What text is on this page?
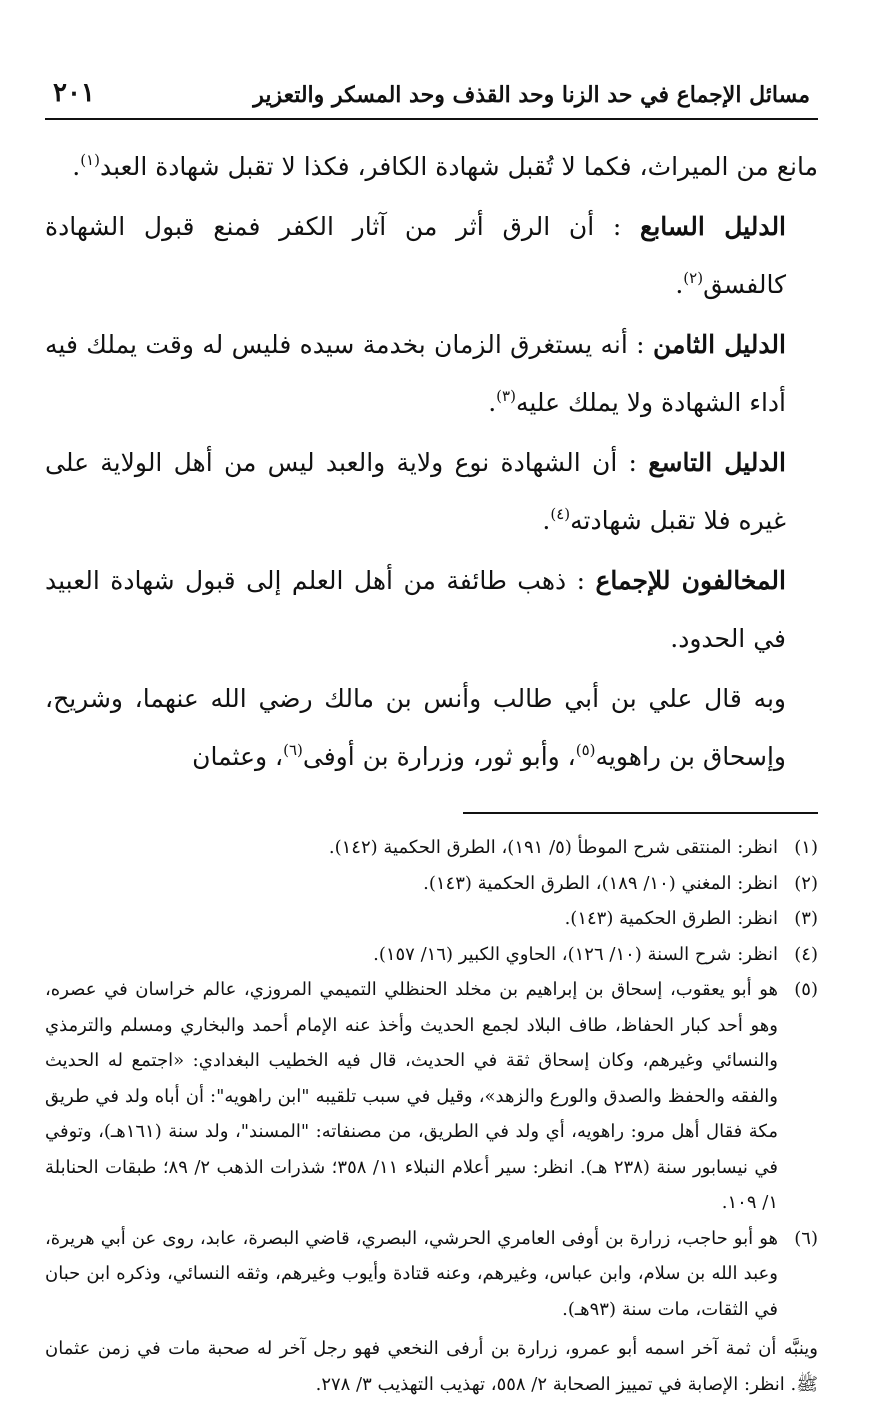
مسائل الإجماع في حد الزنا وحد القذف وحد المسكر والتعزير
٢٠١

مانع من الميراث، فكما لا تُقبل شهادة الكافر، فكذا لا تقبل شهادة العبد$^{(١)}$.

الدليل السابع : أن الرق أثر من آثار الكفر فمنع قبول الشهادة كالفسق$^{(٢)}$.

الدليل الثامن : أنه يستغرق الزمان بخدمة سيده فليس له وقت يملك فيه أداء الشهادة ولا يملك عليه$^{(٣)}$.

الدليل التاسع : أن الشهادة نوع ولاية والعبد ليس من أهل الولاية على غيره فلا تقبل شهادته$^{(٤)}$.

المخالفون للإجماع : ذهب طائفة من أهل العلم إلى قبول شهادة العبيد في الحدود.

وبه قال علي بن أبي طالب وأنس بن مالك رضي الله عنهما، وشريح، وإسحاق بن راهويه$^{(٥)}$، وأبو ثور، وزرارة بن أوفى$^{(٦)}$، وعثمان

(١)
انظر: المنتقى شرح الموطأ (٥/ ١٩١)، الطرق الحكمية (١٤٢).
(٢)
انظر: المغني (١٠/ ١٨٩)، الطرق الحكمية (١٤٣).
(٣)
انظر: الطرق الحكمية (١٤٣).
(٤)
انظر: شرح السنة (١٠/ ١٢٦)، الحاوي الكبير (١٦/ ١٥٧).
(٥)
هو أبو يعقوب، إسحاق بن إبراهيم بن مخلد الحنظلي التميمي المروزي، عالم خراسان في عصره، وهو أحد كبار الحفاظ، طاف البلاد لجمع الحديث وأخذ عنه الإمام أحمد والبخاري ومسلم والترمذي والنسائي وغيرهم، وكان إسحاق ثقة في الحديث، قال فيه الخطيب البغدادي: «اجتمع له الحديث والفقه والحفظ والصدق والورع والزهد»، وقيل في سبب تلقيبه "ابن راهويه": أن أباه ولد في طريق مكة فقال أهل مرو: راهويه، أي ولد في الطريق، من مصنفاته: "المسند"، ولد سنة (١٦١هـ)، وتوفي في نيسابور سنة (٢٣٨ هـ). انظر: سير أعلام النبلاء ١١/ ٣٥٨؛ شذرات الذهب ٢/ ٨٩؛ طبقات الحنابلة ١/ ١٠٩.
(٦)
هو أبو حاجب، زرارة بن أوفى العامري الحرشي، البصري، قاضي البصرة، عابد، روى عن أبي هريرة، وعبد الله بن سلام، وابن عباس، وغيرهم، وعنه قتادة وأيوب وغيرهم، وثقه النسائي، وذكره ابن حبان في الثقات، مات سنة (٩٣هـ).

وينبَّه أن ثمة آخر اسمه أبو عمرو، زرارة بن أرفى النخعي فهو رجل آخر له صحبة مات في زمن عثمان ﷺ. انظر: الإصابة في تمييز الصحابة ٢/ ٥٥٨، تهذيب التهذيب ٣/ ٢٧٨.
